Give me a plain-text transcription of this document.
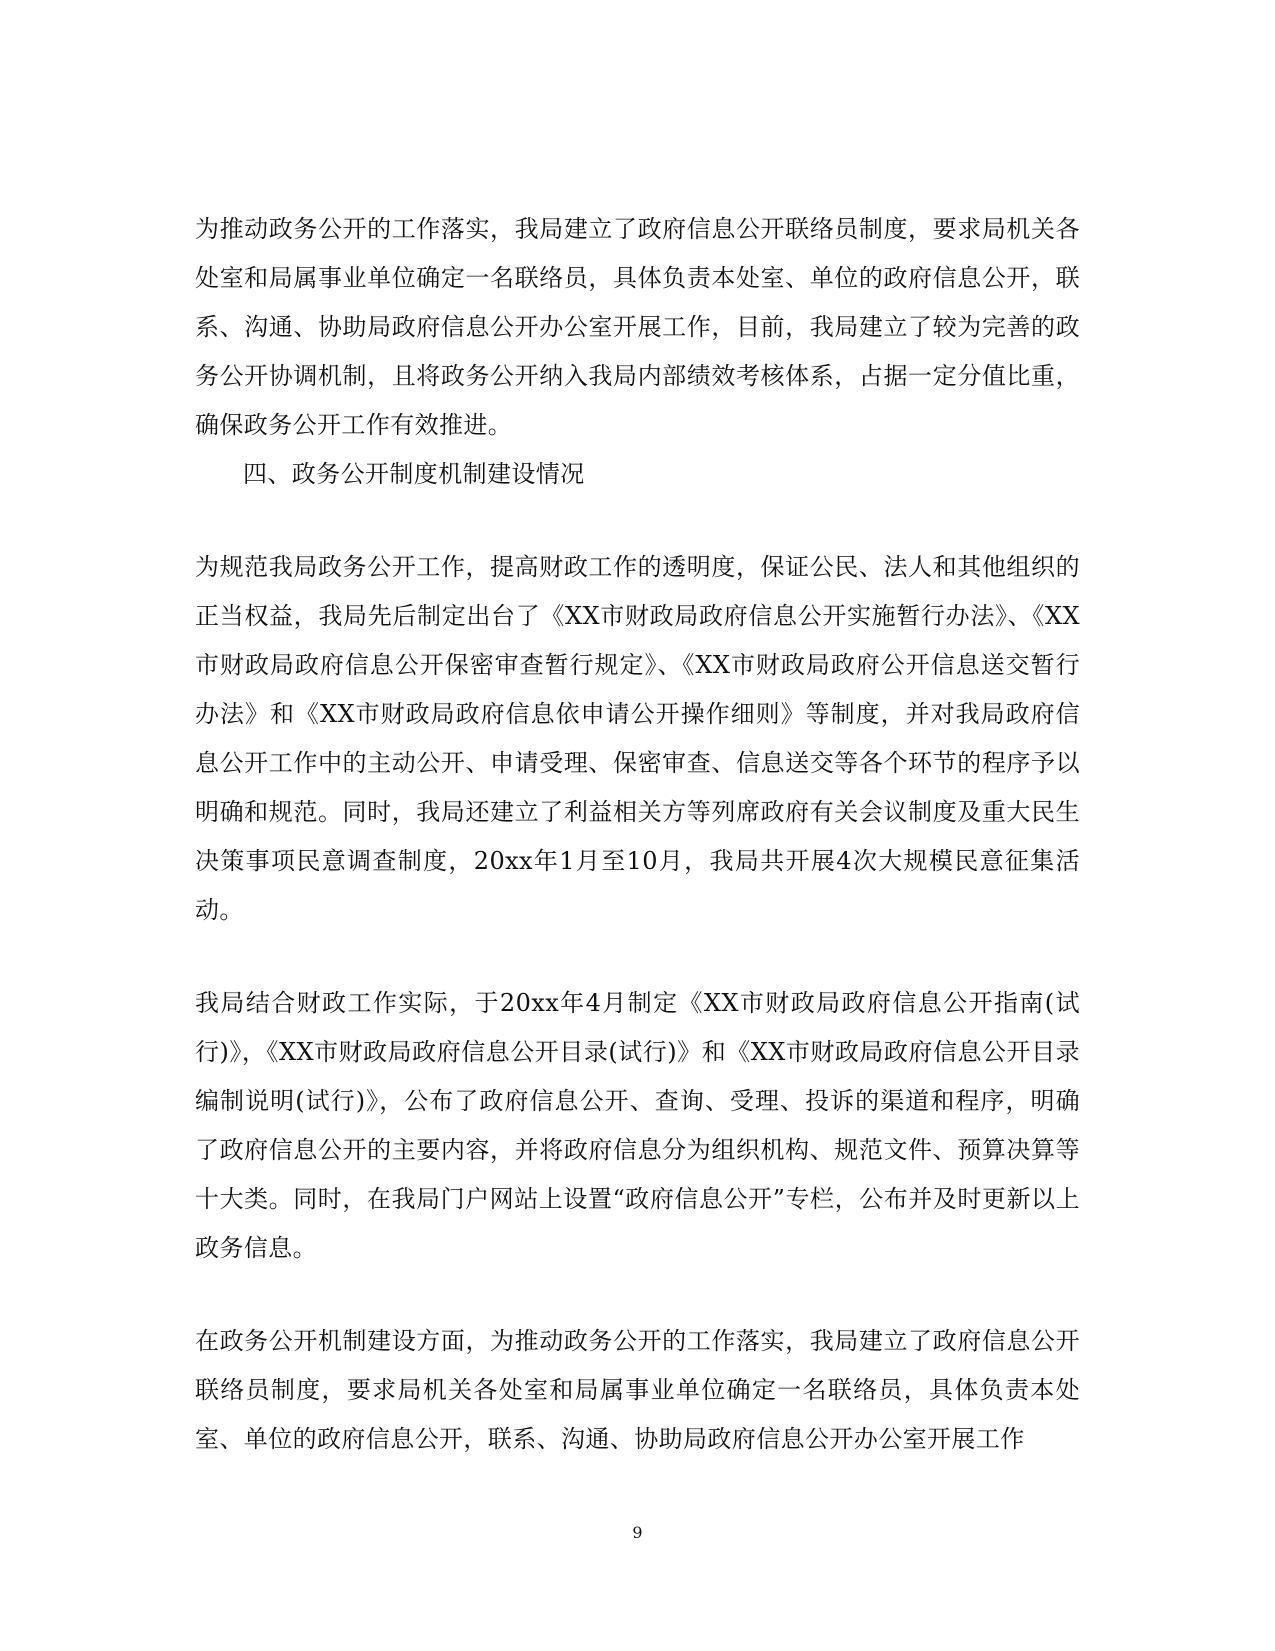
为推动政务公开的工作落实，我局建立了政府信息公开联络员制度，要求局机关各处室和局属事业单位确定一名联络员，具体负责本处室、单位的政府信息公开，联系、沟通、协助局政府信息公开办公室开展工作，目前，我局建立了较为完善的政务公开协调机制，且将政务公开纳入我局内部绩效考核体系，占据一定分值比重，确保政务公开工作有效推进。

四、政务公开制度机制建设情况

为规范我局政务公开工作，提高财政工作的透明度，保证公民、法人和其他组织的正当权益，我局先后制定出台了《XX市财政局政府信息公开实施暂行办法》、《XX市财政局政府信息公开保密审查暂行规定》、《XX市财政局政府公开信息送交暂行办法》和《XX市财政局政府信息依申请公开操作细则》等制度，并对我局政府信息公开工作中的主动公开、申请受理、保密审查、信息送交等各个环节的程序予以明确和规范。同时，我局还建立了利益相关方等列席政府有关会议制度及重大民生决策事项民意调查制度，20xx年1月至10月，我局共开展4次大规模民意征集活动。

我局结合财政工作实际，于20xx年4月制定《XX市财政局政府信息公开指南(试行)》，《XX市财政局政府信息公开目录(试行)》和《XX市财政局政府信息公开目录编制说明(试行)》，公布了政府信息公开、查询、受理、投诉的渠道和程序，明确了政府信息公开的主要内容，并将政府信息分为组织机构、规范文件、预算决算等十大类。同时，在我局门户网站上设置“政府信息公开”专栏，公布并及时更新以上政务信息。

在政务公开机制建设方面，为推动政务公开的工作落实，我局建立了政府信息公开联络员制度，要求局机关各处室和局属事业单位确定一名联络员，具体负责本处室、单位的政府信息公开，联系、沟通、协助局政府信息公开办公室开展工作

9
